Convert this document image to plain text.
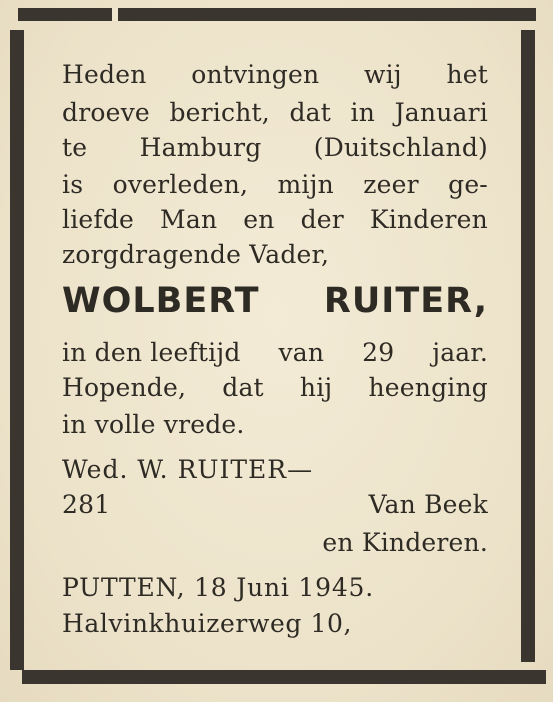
Heden ontvingen wij het
droeve bericht, dat in Januari
te Hamburg (Duitschland)
is overleden, mijn zeer ge-
liefde Man en der Kinderen
zorgdragende Vader,
WOLBERT RUITER,
in den leeftijd van 29 jaar.
Hopende, dat hij heenging
in volle vrede.
Wed. W. RUITER—
281	Van Beek
en Kinderen.
PUTTEN, 18 Juni 1945.
Halvinkhuizerweg 10,
